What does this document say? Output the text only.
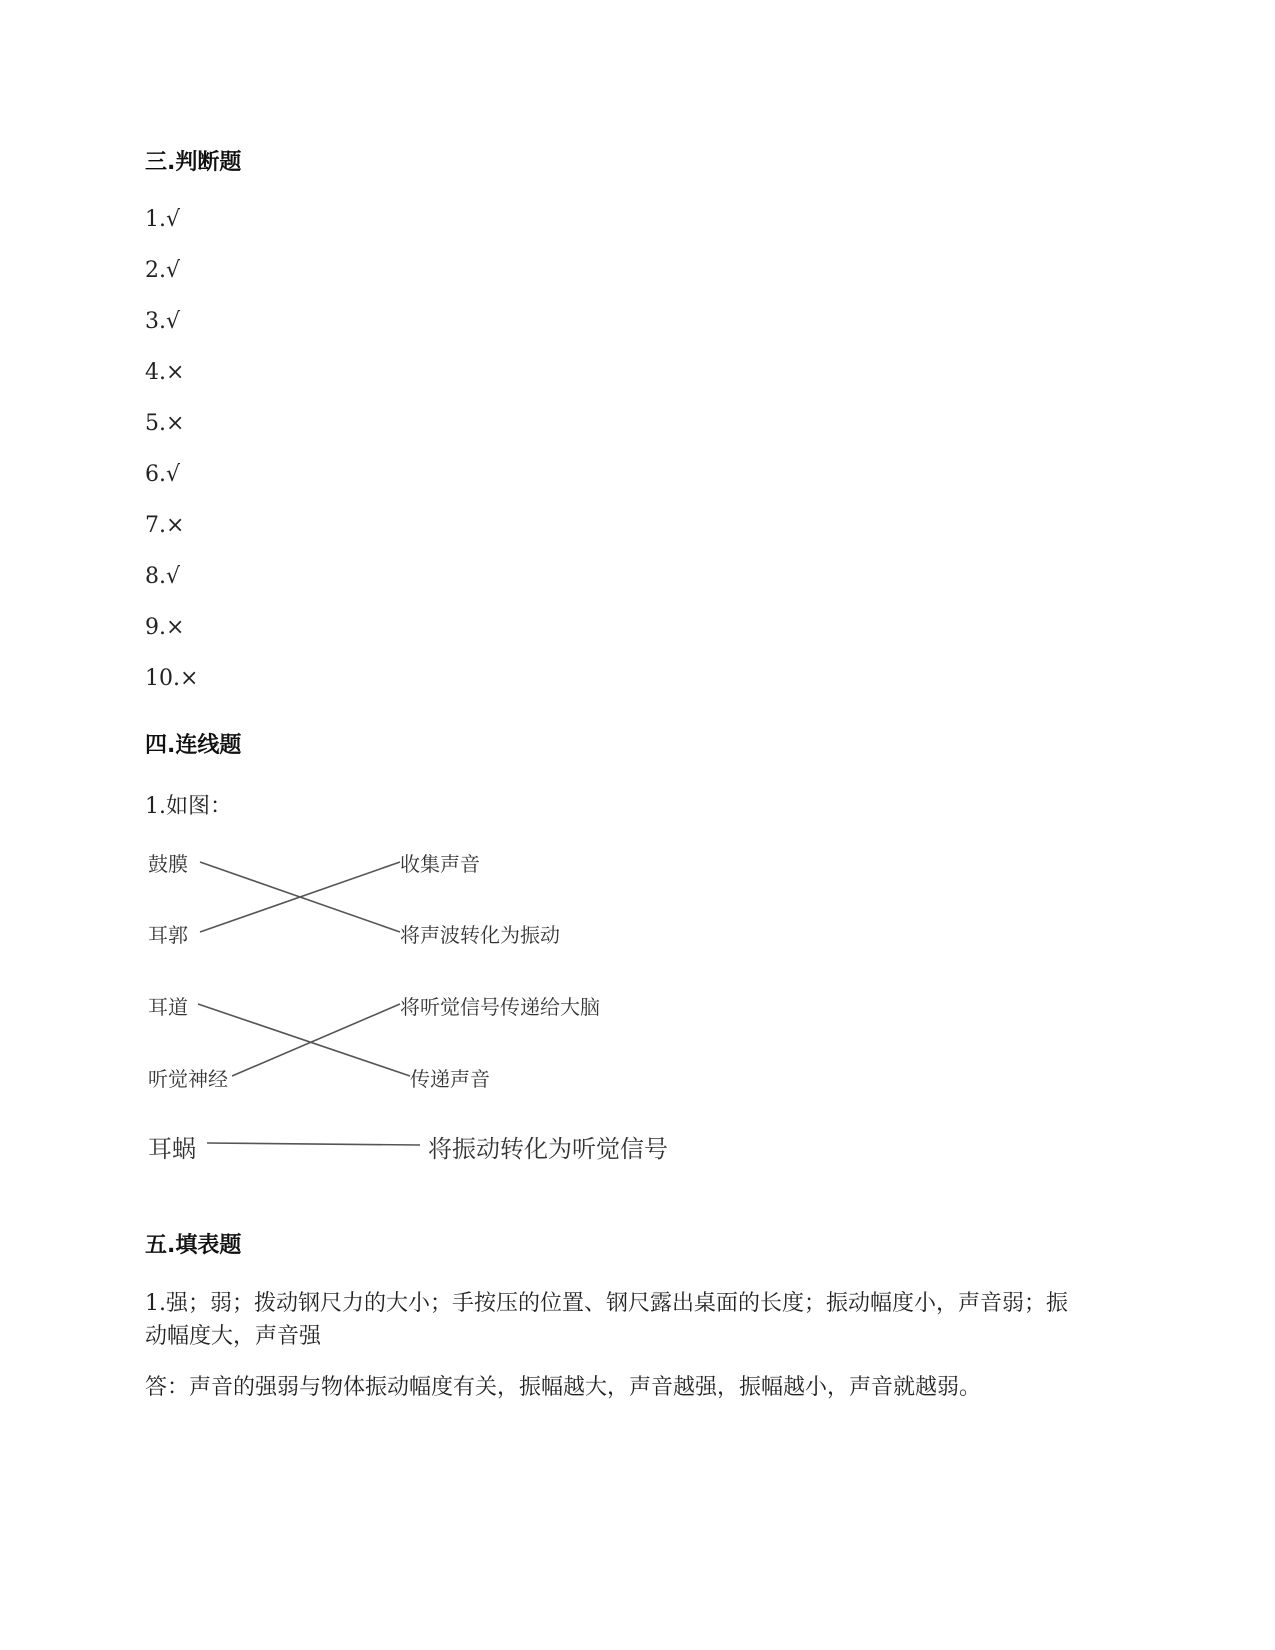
三.判断题
1.√
2.√
3.√
4.×
5.×
6.√
7.×
8.√
9.×
10.×
四.连线题
1.如图：
鼓膜
耳郭
收集声音
将声波转化为振动
耳道
听觉神经
将听觉信号传递给大脑
传递声音
耳蜗	将振动转化为听觉信号
五.填表题
1.强；弱；拨动钢尺力的大小；手按压的位置、钢尺露出桌面的长度；振动幅度小，声音弱；振动幅度大，声音强
答：声音的强弱与物体振动幅度有关，振幅越大，声音越强，振幅越小，声音就越弱。
